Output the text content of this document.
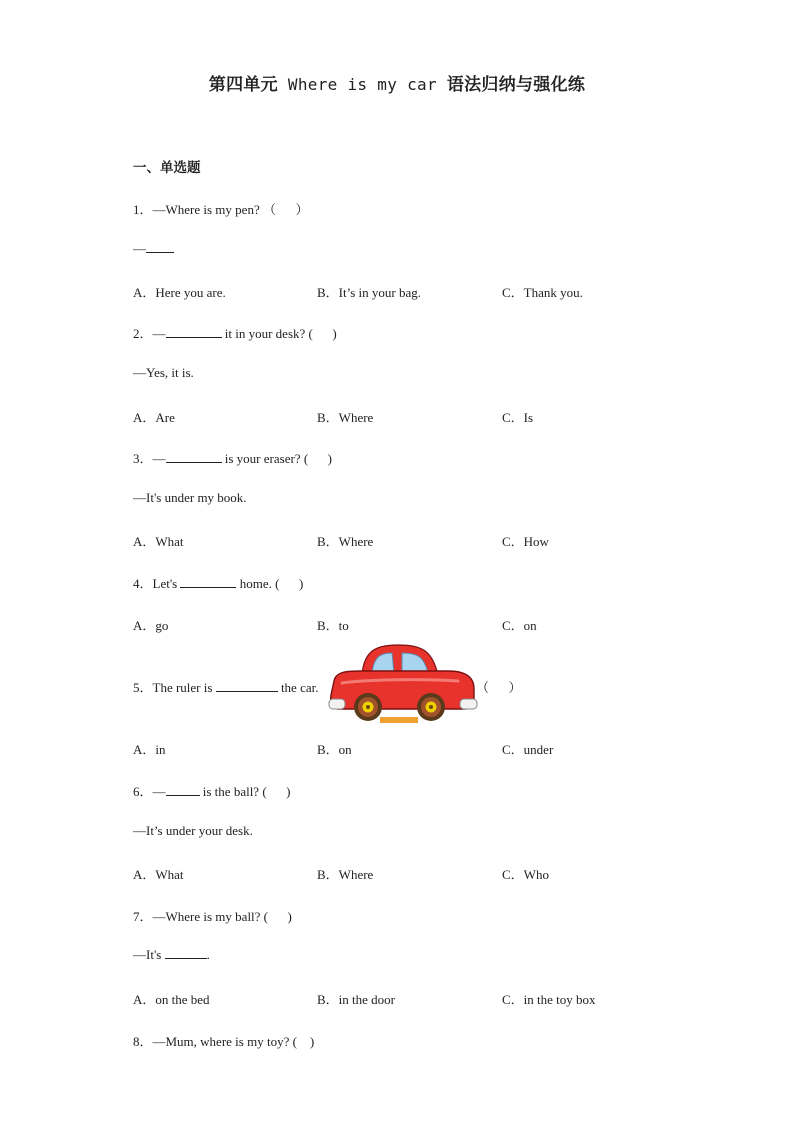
第四单元 Where is my car 语法归纳与强化练
一、单选题
1．—Where is my pen? （      ）
—
A．Here you are.	B．It’s in your bag.	C．Thank you.
2．—	it in your desk? (      )
—Yes, it is.
A．Are	B．Where	C．Is
3．—	is your eraser? (      )
—It's under my book.
A．What	B．Where	C．How
4．Let's	home. (      )
A．go	B．to	C．on
5．The ruler is	the car.	（      ）
A．in	B．on	C．under
6．—	is the ball? (      )
—It’s under your desk.
A．What	B．Where	C．Who
7．—Where is my ball? (      )
—It's	.
A．on the bed	B．in the door	C．in the toy box
8．—Mum, where is my toy? (    )
